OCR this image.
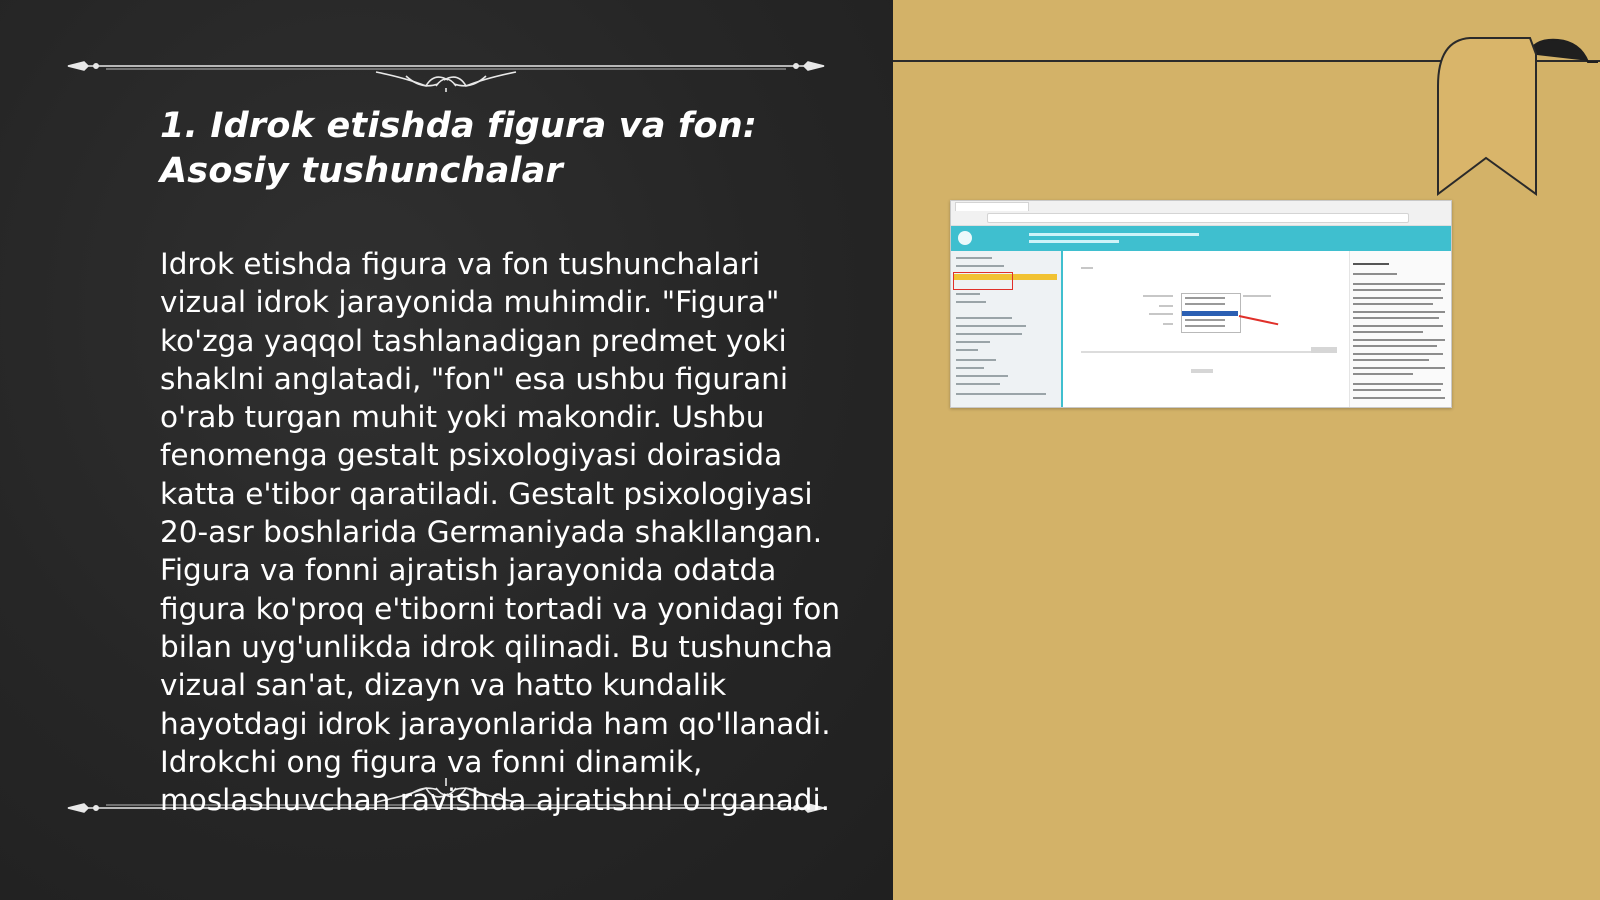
1. Idrok etishda figura va fon: Asosiy tushunchalar

Idrok etishda figura va fon tushunchalari vizual idrok jarayonida muhimdir. "Figura" ko'zga yaqqol tashlanadigan predmet yoki shaklni anglatadi, "fon" esa ushbu figurani o'rab turgan muhit yoki makondir. Ushbu fenomenga gestalt psixologiyasi doirasida katta e'tibor qaratiladi. Gestalt psixologiyasi 20-asr boshlarida Germaniyada shakllangan. Figura va fonni ajratish jarayonida odatda figura ko'proq e'tiborni tortadi va yonidagi fon bilan uyg'unlikda idrok qilinadi. Bu tushuncha vizual san'at, dizayn va hatto kundalik hayotdagi idrok jarayonlarida ham qo'llanadi. Idrokchi ong figura va fonni dinamik, moslashuvchan ravishda ajratishni o'rganadi.
